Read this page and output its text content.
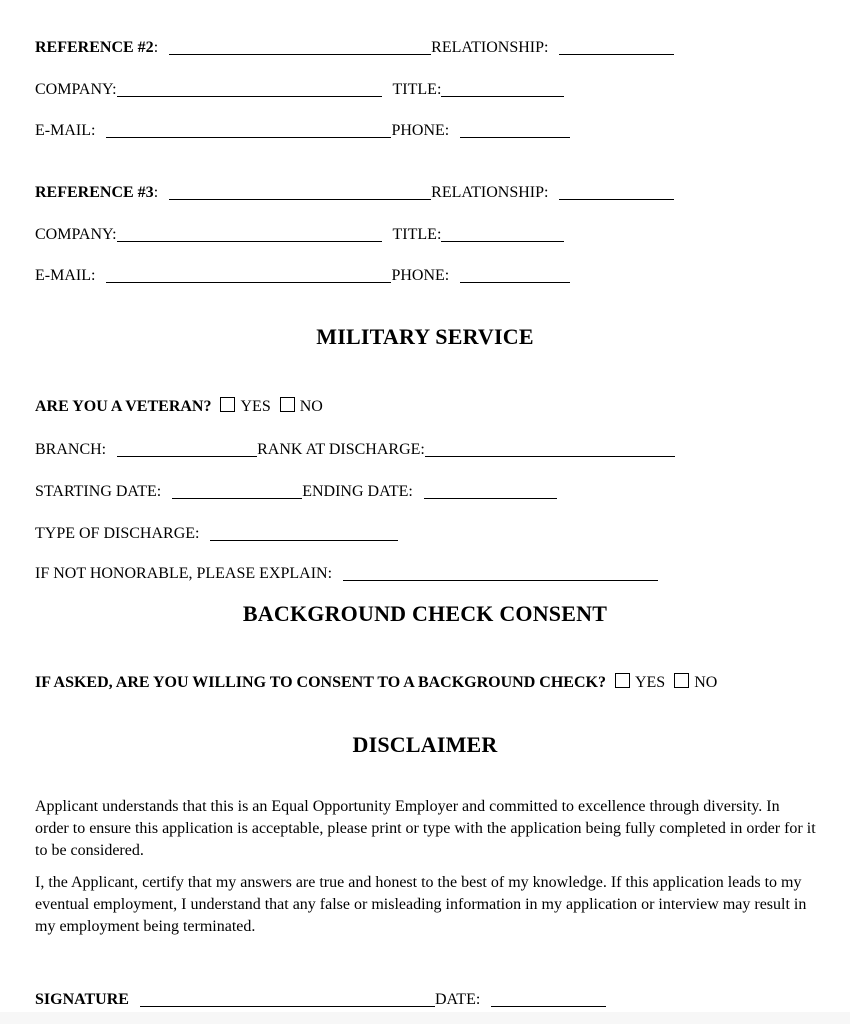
REFERENCE #2:	RELATIONSHIP:
COMPANY:	TITLE:
E-MAIL:	PHONE:
REFERENCE #3:	RELATIONSHIP:
COMPANY:	TITLE:
E-MAIL:	PHONE:
MILITARY SERVICE
ARE YOU A VETERAN? YES NO
BRANCH:	RANK AT DISCHARGE:
STARTING DATE:	ENDING DATE:
TYPE OF DISCHARGE:
IF NOT HONORABLE, PLEASE EXPLAIN:
BACKGROUND CHECK CONSENT
IF ASKED, ARE YOU WILLING TO CONSENT TO A BACKGROUND CHECK? YES NO
DISCLAIMER
Applicant understands that this is an Equal Opportunity Employer and committed to excellence through diversity. In order to ensure this application is acceptable, please print or type with the application being fully completed in order for it to be considered.
I, the Applicant, certify that my answers are true and honest to the best of my knowledge. If this application leads to my eventual employment, I understand that any false or misleading information in my application or interview may result in my employment being terminated.
SIGNATURE	DATE:
